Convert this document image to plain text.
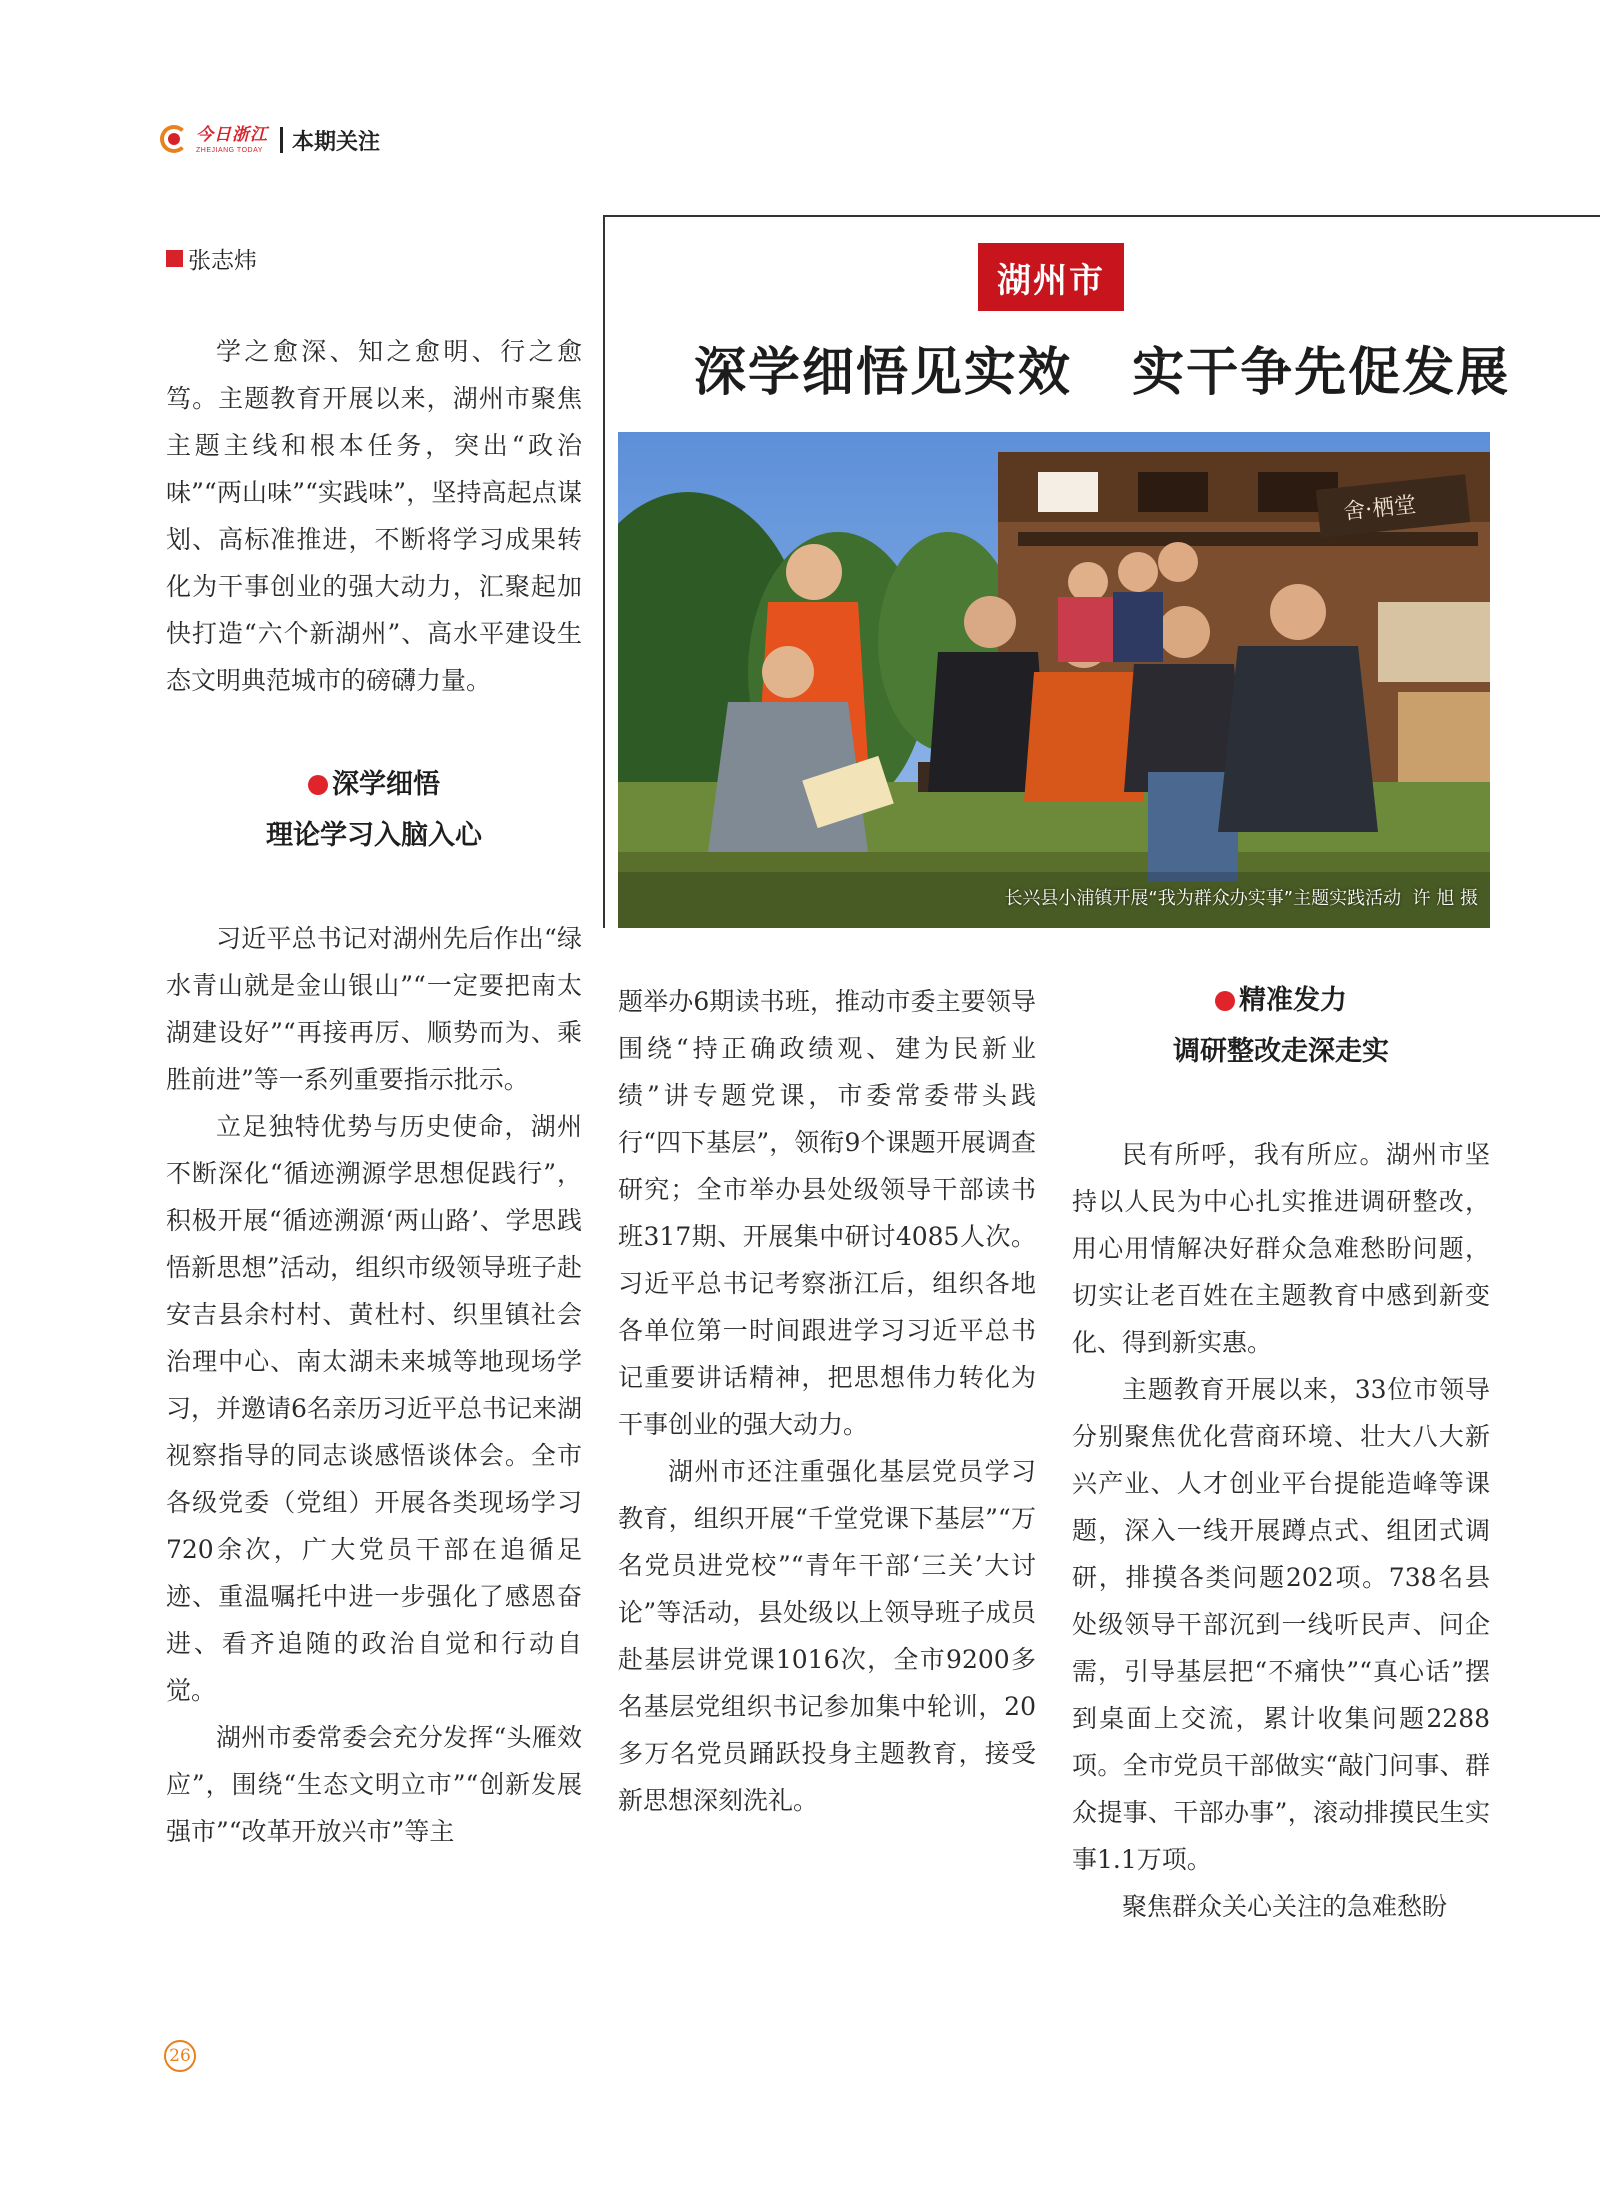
今日浙江
ZHEJIANG TODAY 本期关注
张志炜	湖州市
深学细悟见实效   实干争先促发展
舍·栖堂
长兴县小浦镇开展“我为群众办实事”主题实践活动 许 旭 摄

学之愈深、知之愈明、行之愈笃。主题教育开展以来，湖州市聚焦主题主线和根本任务，突出“政治味”“两山味”“实践味”，坚持高起点谋划、高标准推进，不断将学习成果转化为干事创业的强大动力，汇聚起加快打造“六个新湖州”、高水平建设生态文明典范城市的磅礴力量。

深学细悟
理论学习入脑入心

习近平总书记对湖州先后作出“绿水青山就是金山银山”“一定要把南太湖建设好”“再接再厉、顺势而为、乘胜前进”等一系列重要指示批示。

立足独特优势与历史使命，湖州不断深化“循迹溯源学思想促践行”，积极开展“循迹溯源‘两山路’、学思践悟新思想”活动，组织市级领导班子赴安吉县余村村、黄杜村、织里镇社会治理中心、南太湖未来城等地现场学习，并邀请6名亲历习近平总书记来湖视察指导的同志谈感悟谈体会。全市各级党委（党组）开展各类现场学习720余次，广大党员干部在追循足迹、重温嘱托中进一步强化了感恩奋进、看齐追随的政治自觉和行动自觉。

湖州市委常委会充分发挥“头雁效应”，围绕“生态文明立市”“创新发展强市”“改革开放兴市”等主

题举办6期读书班，推动市委主要领导围绕“持正确政绩观、建为民新业绩”讲专题党课，市委常委带头践行“四下基层”，领衔9个课题开展调查研究；全市举办县处级领导干部读书班317期、开展集中研讨4085人次。习近平总书记考察浙江后，组织各地各单位第一时间跟进学习习近平总书记重要讲话精神，把思想伟力转化为干事创业的强大动力。

湖州市还注重强化基层党员学习教育，组织开展“千堂党课下基层”“万名党员进党校”“青年干部‘三关’大讨论”等活动，县处级以上领导班子成员赴基层讲党课1016次，全市9200多名基层党组织书记参加集中轮训，20多万名党员踊跃投身主题教育，接受新思想深刻洗礼。

精准发力
调研整改走深走实

民有所呼，我有所应。湖州市坚持以人民为中心扎实推进调研整改，用心用情解决好群众急难愁盼问题，切实让老百姓在主题教育中感到新变化、得到新实惠。

主题教育开展以来，33位市领导分别聚焦优化营商环境、壮大八大新兴产业、人才创业平台提能造峰等课题，深入一线开展蹲点式、组团式调研，排摸各类问题202项。738名县处级领导干部沉到一线听民声、问企需，引导基层把“不痛快”“真心话”摆到桌面上交流，累计收集问题2288项。全市党员干部做实“敲门问事、群众提事、干部办事”，滚动排摸民生实事1.1万项。

聚焦群众关心关注的急难愁盼

26
